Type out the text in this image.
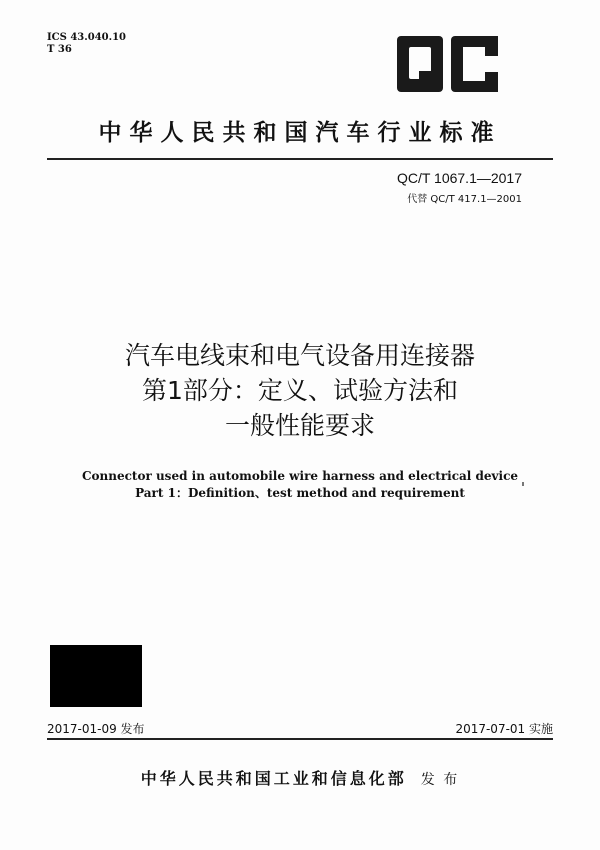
ICS 43.040.10
T 36
中华人民共和国汽车行业标准
QC/T 1067.1—2017
代替 QC/T 417.1—2001
汽车电线束和电气设备用连接器
第1部分：定义、试验方法和
一般性能要求
Connector used in automobile wire harness and electrical device
Part 1：Definition、test method and requirement
2017-01-09 发布	2017-07-01 实施
中华人民共和国工业和信息化部 发 布
